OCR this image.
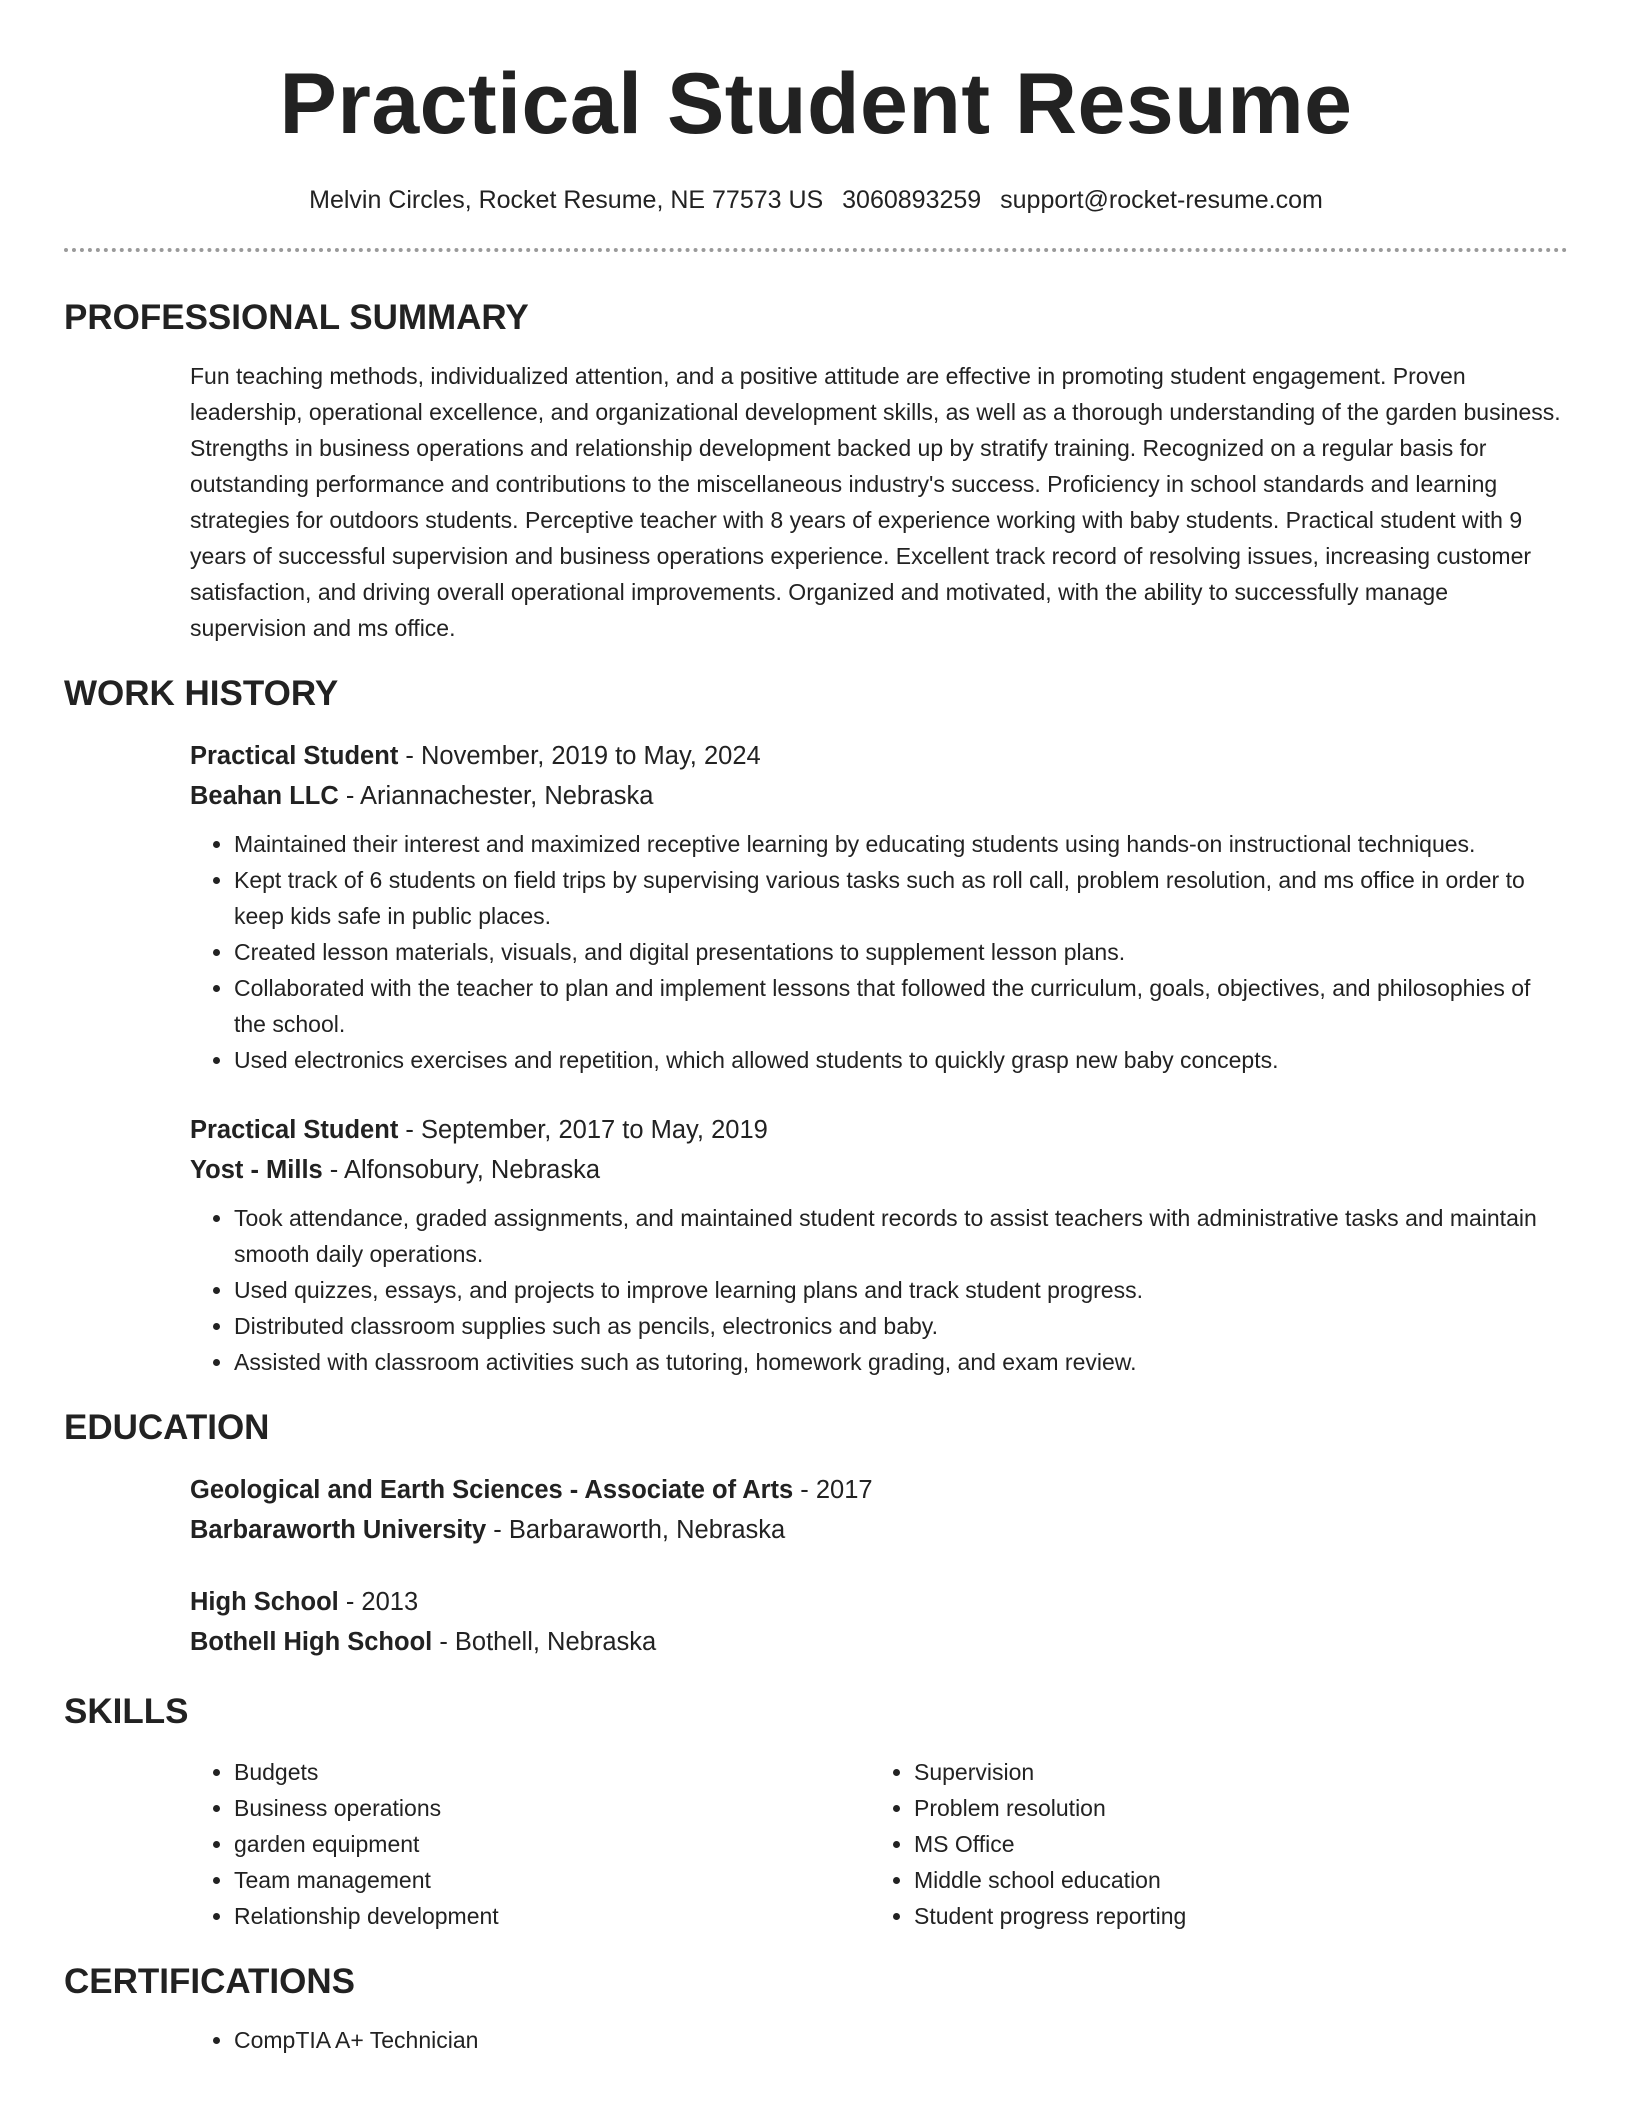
Practical Student Resume
Melvin Circles, Rocket Resume, NE 77573 US 3060893259 support@rocket-resume.com
PROFESSIONAL SUMMARY

Fun teaching methods, individualized attention, and a positive attitude are effective in promoting student engagement. Proven leadership, operational excellence, and organizational development skills, as well as a thorough understanding of the garden business. Strengths in business operations and relationship development backed up by stratify training. Recognized on a regular basis for outstanding performance and contributions to the miscellaneous industry's success. Proficiency in school standards and learning strategies for outdoors students. Perceptive teacher with 8 years of experience working with baby students. Practical student with 9 years of successful supervision and business operations experience. Excellent track record of resolving issues, increasing customer satisfaction, and driving overall operational improvements. Organized and motivated, with the ability to successfully manage supervision and ms office.

WORK HISTORY
Practical Student - November, 2019 to May, 2024
Beahan LLC - Ariannachester, Nebraska
• Maintained their interest and maximized receptive learning by educating students using hands-on instructional techniques.
• Kept track of 6 students on field trips by supervising various tasks such as roll call, problem resolution, and ms office in order to keep kids safe in public places.
• Created lesson materials, visuals, and digital presentations to supplement lesson plans.
• Collaborated with the teacher to plan and implement lessons that followed the curriculum, goals, objectives, and philosophies of the school.
• Used electronics exercises and repetition, which allowed students to quickly grasp new baby concepts.
Practical Student - September, 2017 to May, 2019
Yost - Mills - Alfonsobury, Nebraska
• Took attendance, graded assignments, and maintained student records to assist teachers with administrative tasks and maintain smooth daily operations.
• Used quizzes, essays, and projects to improve learning plans and track student progress.
• Distributed classroom supplies such as pencils, electronics and baby.
• Assisted with classroom activities such as tutoring, homework grading, and exam review.
EDUCATION
Geological and Earth Sciences - Associate of Arts - 2017
Barbaraworth University - Barbaraworth, Nebraska
High School - 2013
Bothell High School - Bothell, Nebraska
SKILLS
• Budgets
• Business operations
• garden equipment
• Team management
• Relationship development
• Supervision
• Problem resolution
• MS Office
• Middle school education
• Student progress reporting
CERTIFICATIONS
• CompTIA A+ Technician
